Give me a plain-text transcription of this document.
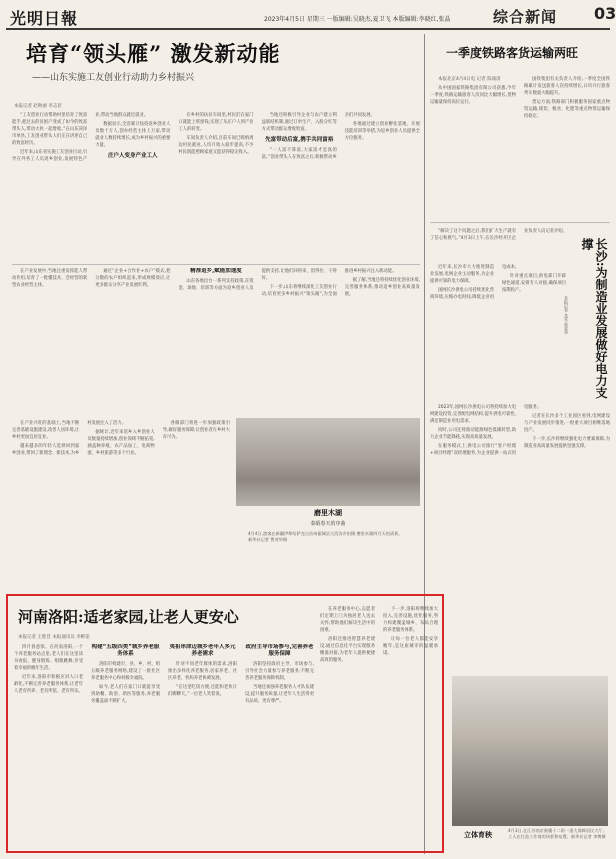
光明日報	2023年4月5日 星期三 一版编辑:吴晓杰,夏卫飞 本版编辑:李晓红,张晶	综合新闻 03
培育“领头雁” 激发新动能
——山东实施工友创业行动助力乡村振兴
本报记者 赵秋丽 李志臣

“工友创业行动帮助村里培育了致富能手,把过去的贫困户变成了如今的致富带头人,带动大伙一起增收。”在山东菏泽市单县,工友创业带头人们正在讲述自己的致富经历。

近年来,山东省实施工友创业行动,引导在外务工人员返乡创业,发展特色产业,带动当地群众就近就业。

数据显示,全省累计扶持返乡创业人员数十万人,创办经营主体上万家,带动就业人数持续增长,成为乡村振兴的重要力量。

庄户人变身产业工人

在乡村的扶贫车间里,村民们在家门口就能上班挣钱,实现了从庄户人到产业工人的转变。

车间负责人介绍,目前车间已吸纳周边村民就业,人均月收入稳步提高,不少村民既能照顾家庭又能获得稳定收入。

当地还积极引导企业与农户建立利益联结机制,通过订单生产、入股分红等方式带动群众增收致富。

先富带动后富,携手共同富裕

“一人富不算富,大家富才是真的富。”创业带头人在致富之后,积极带动乡亲们共同发展。

各地通过建立创业孵化基地、开展技能培训等举措,为返乡创业人员提供全方位服务。

在产业发展中,当地注重发挥能人带动作用,培育了一批懂技术、会经营的新型农业经营主体。

通过“企业+合作社+农户”模式,把分散的农户组织起来,形成规模效应,让更多群众分享产业发展红利。

精准返乡,赋能加速度

山东各地出台一系列支持政策,在资金、场地、培训等方面为返乡创业人员提供支持,让他们回得来、留得住、干得好。

下一步,山东将继续深化工友创业行动,培育更多乡村振兴“领头雁”,为全面推进乡村振兴注入新动能。

据了解,当地还将持续优化创业环境,完善服务体系,推动返乡创业高质量发展。

磨里木湖
泰晤春天的序曲
4月4日,游客在新疆伊犁哈萨克自治州霍城县大西沟乡拍摄 磨里木湖四月天的清景。 新华社记者 费茂华摄

在产业兴旺的基础上,当地不断完善基础设施建设,改善人居环境,让乡村更加宜居宜业。

越来越多的年轻人选择回到家乡创业,带回了新理念、新技术,为乡村发展注入了活力。

据统计,近年来返乡入乡创业人员数量持续增加,创业领域不断拓宽,涵盖种养殖、农产品加工、电商物流、乡村旅游等多个行业。

各级部门将进一步加强政策引导,做好服务保障,让创业者在乡村大有可为。

一季度铁路客货运输两旺

本报北京4月4日电 记者 陈康清

从中国国家铁路集团有限公司获悉,今年一季度,铁路运输旅客人次同比大幅增长,货物运输量保持高位运行。

国铁集团有关负责人介绍,一季度全国铁路累计发送旅客人次持续增长,日均开行旅客列车数量大幅提升。

货运方面,铁路部门积极服务国家重点物资运输,煤炭、粮食、化肥等重点物资运输保持稳定。

“解决了这个问题之后,我们扩大生产就有了信心和底气。”4月3日上午,在长沙经开区企业负责人向记者介绍。

近年来,长沙市大力推进制造业发展,电网企业主动服务,为企业提供可靠的电力保障。

国网长沙供电公司持续优化营商环境,压缩办电时间,降低企业用电成本。

针对重点项目,供电部门开辟绿色通道,安排专人对接,确保项目按期投产。	长沙:为制造业发展做好电力支撑
本报记者 龙军 禹爱华

2023年,国网长沙供电公司将持续加大电网建设投资,完善配电网结构,提升供电可靠性,满足制造业用电需求。

同时,公司还将推动能源绿色低碳转型,助力企业节能降耗,实现高质量发展。

在服务模式上,供电公司推行“客户经理+项目经理”双经理服务,为企业提供一站式用电服务。

记者在长沙多个工业园区看到,电网建设与产业发展同步推进,一批重大项目相继落地投产。

下一步,长沙将继续强化电力要素保障,为制造业高质量发展提供坚强支撑。

河南洛阳:适老家园,让老人更安心
本报记者 王胜昔 本报通讯员 李彬崖

四月春意浓。在河南洛阳,一个个养老服务站点里,老人们在这里读书看报、健身锻炼、唱歌跳舞,享受着幸福的晚年生活。

近年来,洛阳市积极应对人口老龄化,不断完善养老服务体系,让老年人老有所养、老有所依、老有所乐。

构建“五级四类”城乡养老服务体系

洛阳市构建市、县、乡、村、组五级养老服务网络,建设了一批社区养老服务中心和村级幸福院。

如今,老人们在家门口就能享受到助餐、助浴、助医等服务,养老服务覆盖面不断扩大。

夷祖串津迈城乡老年人多元养老需求

针对不同老年群体的需求,洛阳推出多样化养老服务,居家养老、社区养老、机构养老协调发展。

“在这里吃饭方便,还能和老伙计们聊聊天。”一位老人笑着说。

政府主导市场参与,完善养老服务保障

洛阳坚持政府主导、市场参与,引导社会力量参与养老服务,不断完善养老服务保障机制。

当地还加强养老服务人才队伍建设,提升服务质量,让老年人生活得更有品质、更有尊严。

在养老服务中心,志愿者们定期上门为独居老人送去关怀,帮助他们解决生活中的困难。

洛阳还推进智慧养老建设,通过信息化平台实现服务精准对接,为老年人提供便捷高效的服务。

下一步,洛阳将继续加大投入,完善设施,优化服务,努力构建覆盖城乡、布局合理的养老服务体系。

让每一位老人都能安享晚年,是这座城市的温暖承诺。

立体育秧	4月3日,在江苏南京鼓楼十二街一重大保障居民大厅,工人在打造工作岗的场景和布置。新华社记者 李博摄
